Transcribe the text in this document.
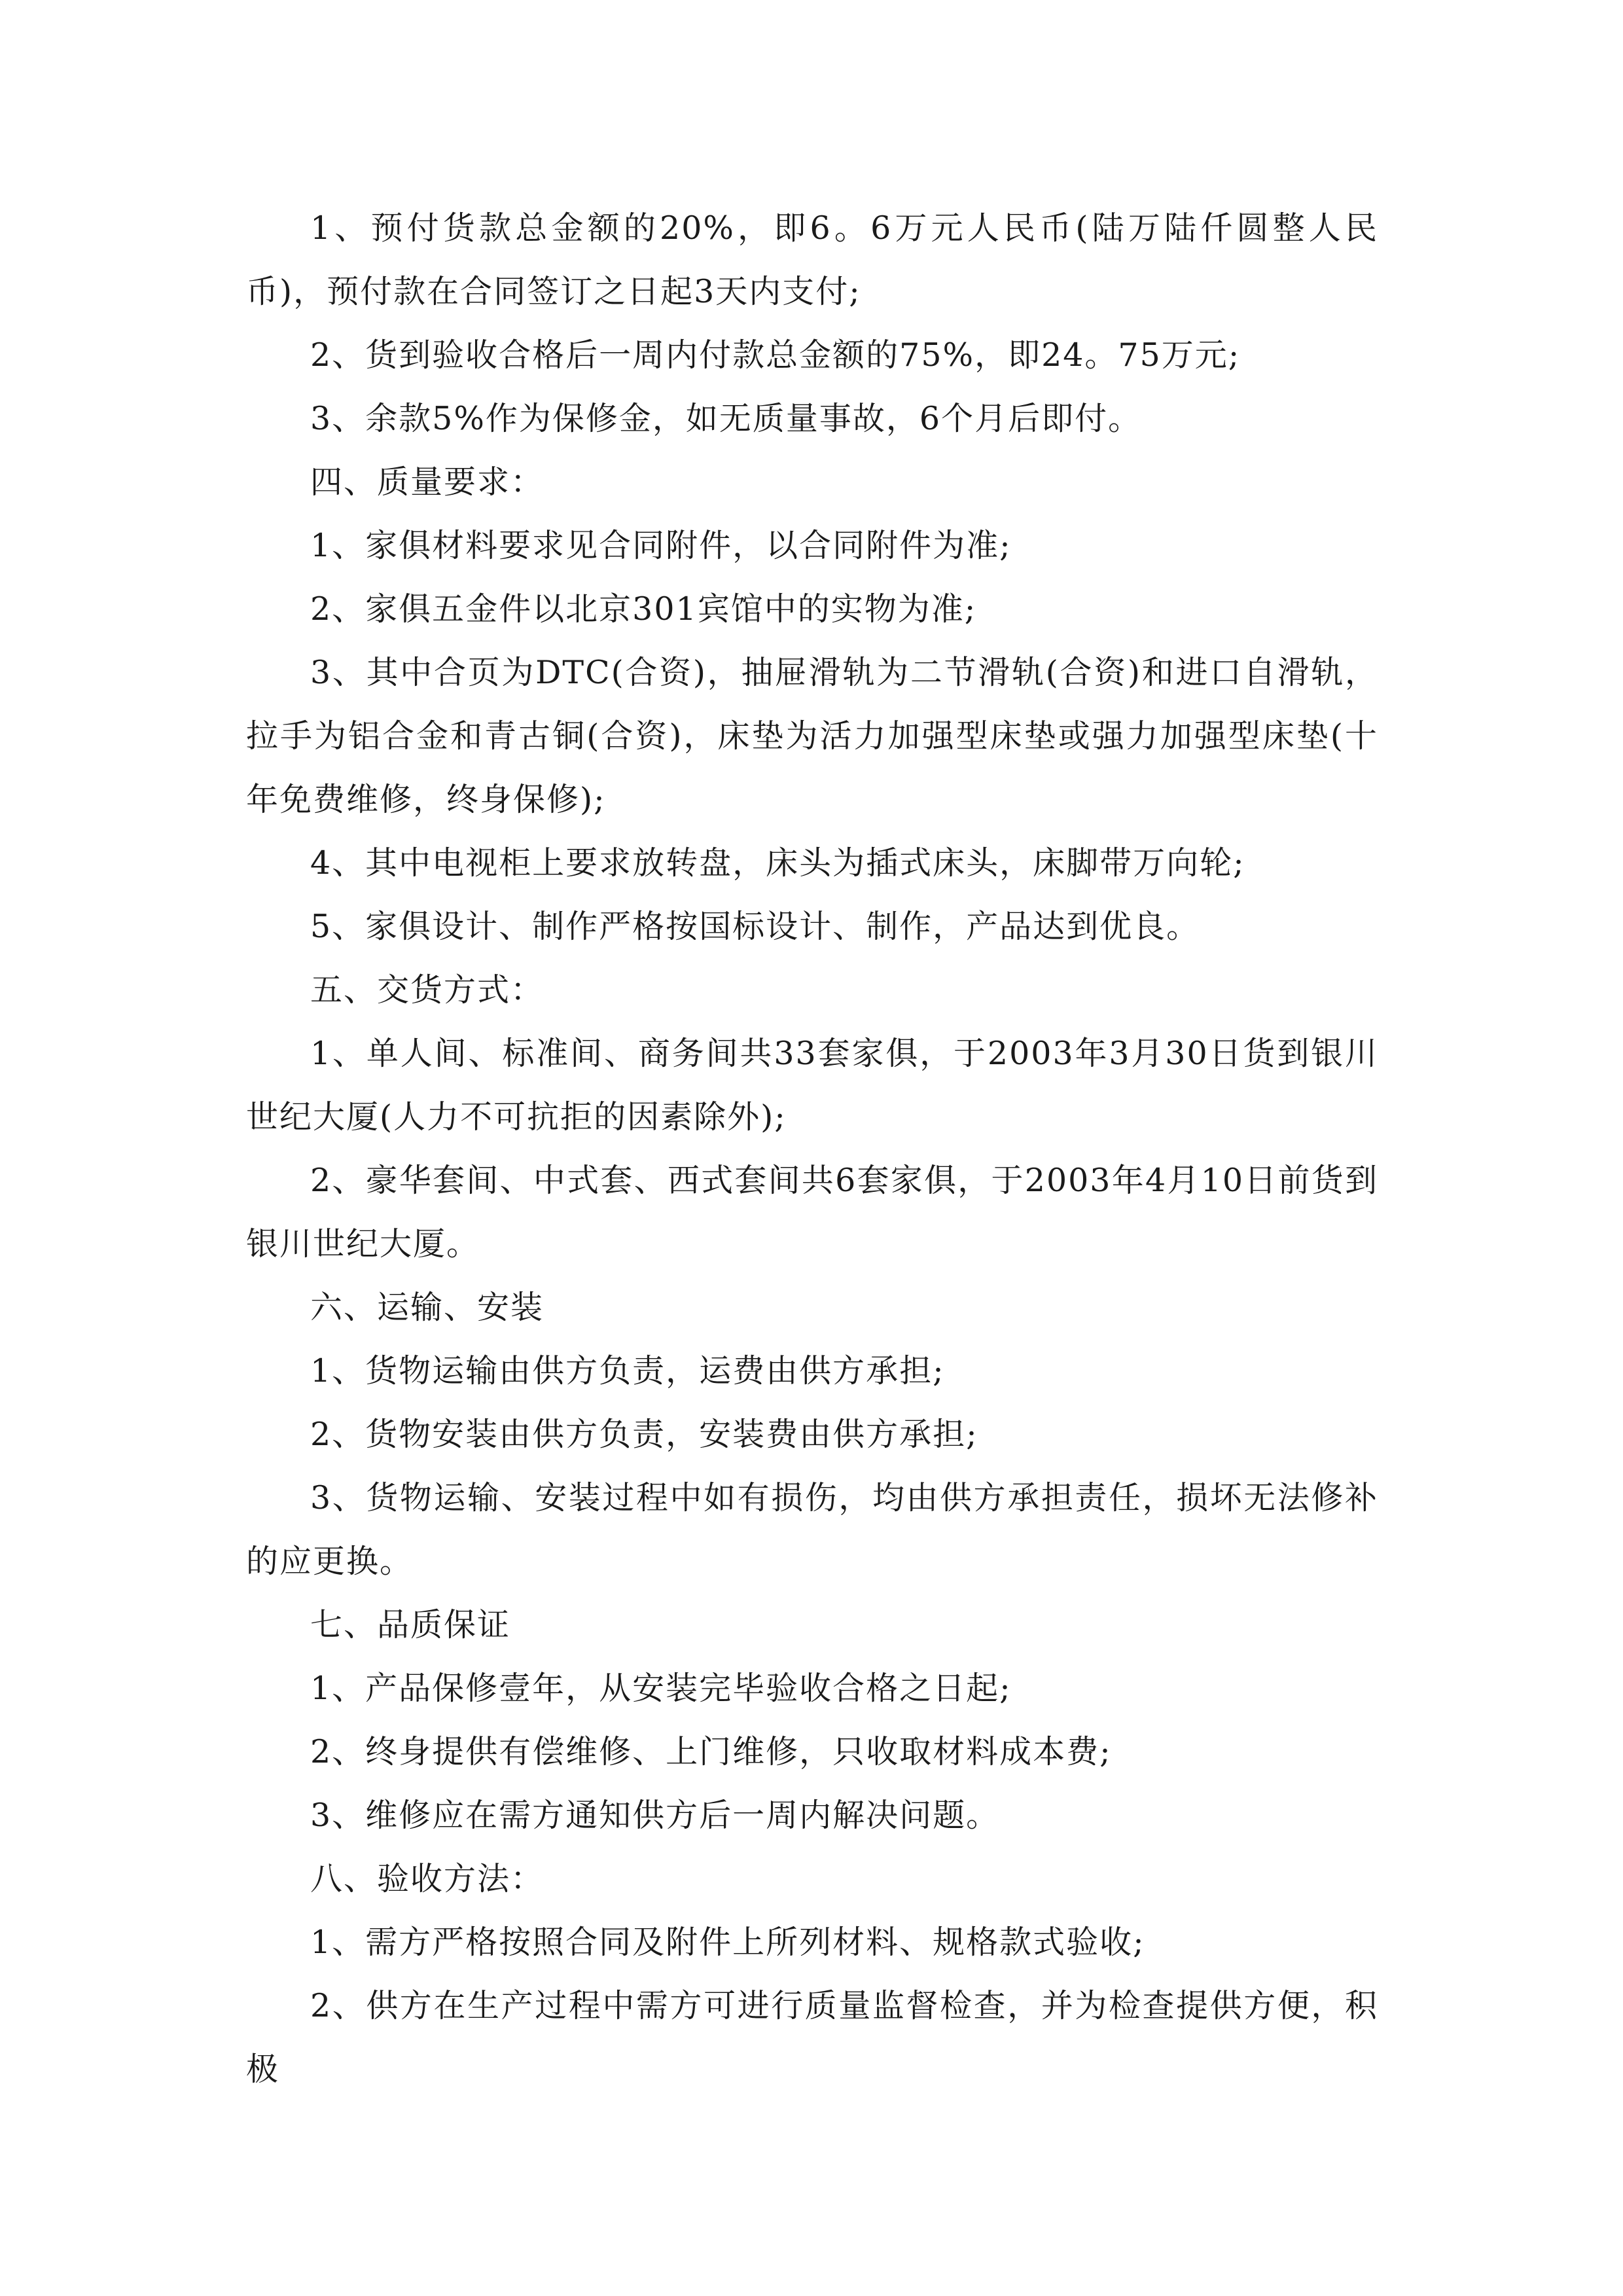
1、预付货款总金额的20%，即6。6万元人民币(陆万陆仟圆整人民币)，预付款在合同签订之日起3天内支付;

2、货到验收合格后一周内付款总金额的75%，即24。75万元;

3、余款5%作为保修金，如无质量事故，6个月后即付。

四、质量要求：

1、家俱材料要求见合同附件，以合同附件为准;

2、家俱五金件以北京301宾馆中的实物为准;

3、其中合页为DTC(合资)，抽屉滑轨为二节滑轨(合资)和进口自滑轨，拉手为铝合金和青古铜(合资)，床垫为活力加强型床垫或强力加强型床垫(十年免费维修，终身保修);

4、其中电视柜上要求放转盘，床头为插式床头，床脚带万向轮;

5、家俱设计、制作严格按国标设计、制作，产品达到优良。

五、交货方式：

1、单人间、标准间、商务间共33套家俱，于2003年3月30日货到银川世纪大厦(人力不可抗拒的因素除外);

2、豪华套间、中式套、西式套间共6套家俱，于2003年4月10日前货到银川世纪大厦。

六、运输、安装

1、货物运输由供方负责，运费由供方承担;

2、货物安装由供方负责，安装费由供方承担;

3、货物运输、安装过程中如有损伤，均由供方承担责任，损坏无法修补的应更换。

七、品质保证

1、产品保修壹年，从安装完毕验收合格之日起;

2、终身提供有偿维修、上门维修，只收取材料成本费;

3、维修应在需方通知供方后一周内解决问题。

八、验收方法：

1、需方严格按照合同及附件上所列材料、规格款式验收;

2、供方在生产过程中需方可进行质量监督检查，并为检查提供方便，积极
